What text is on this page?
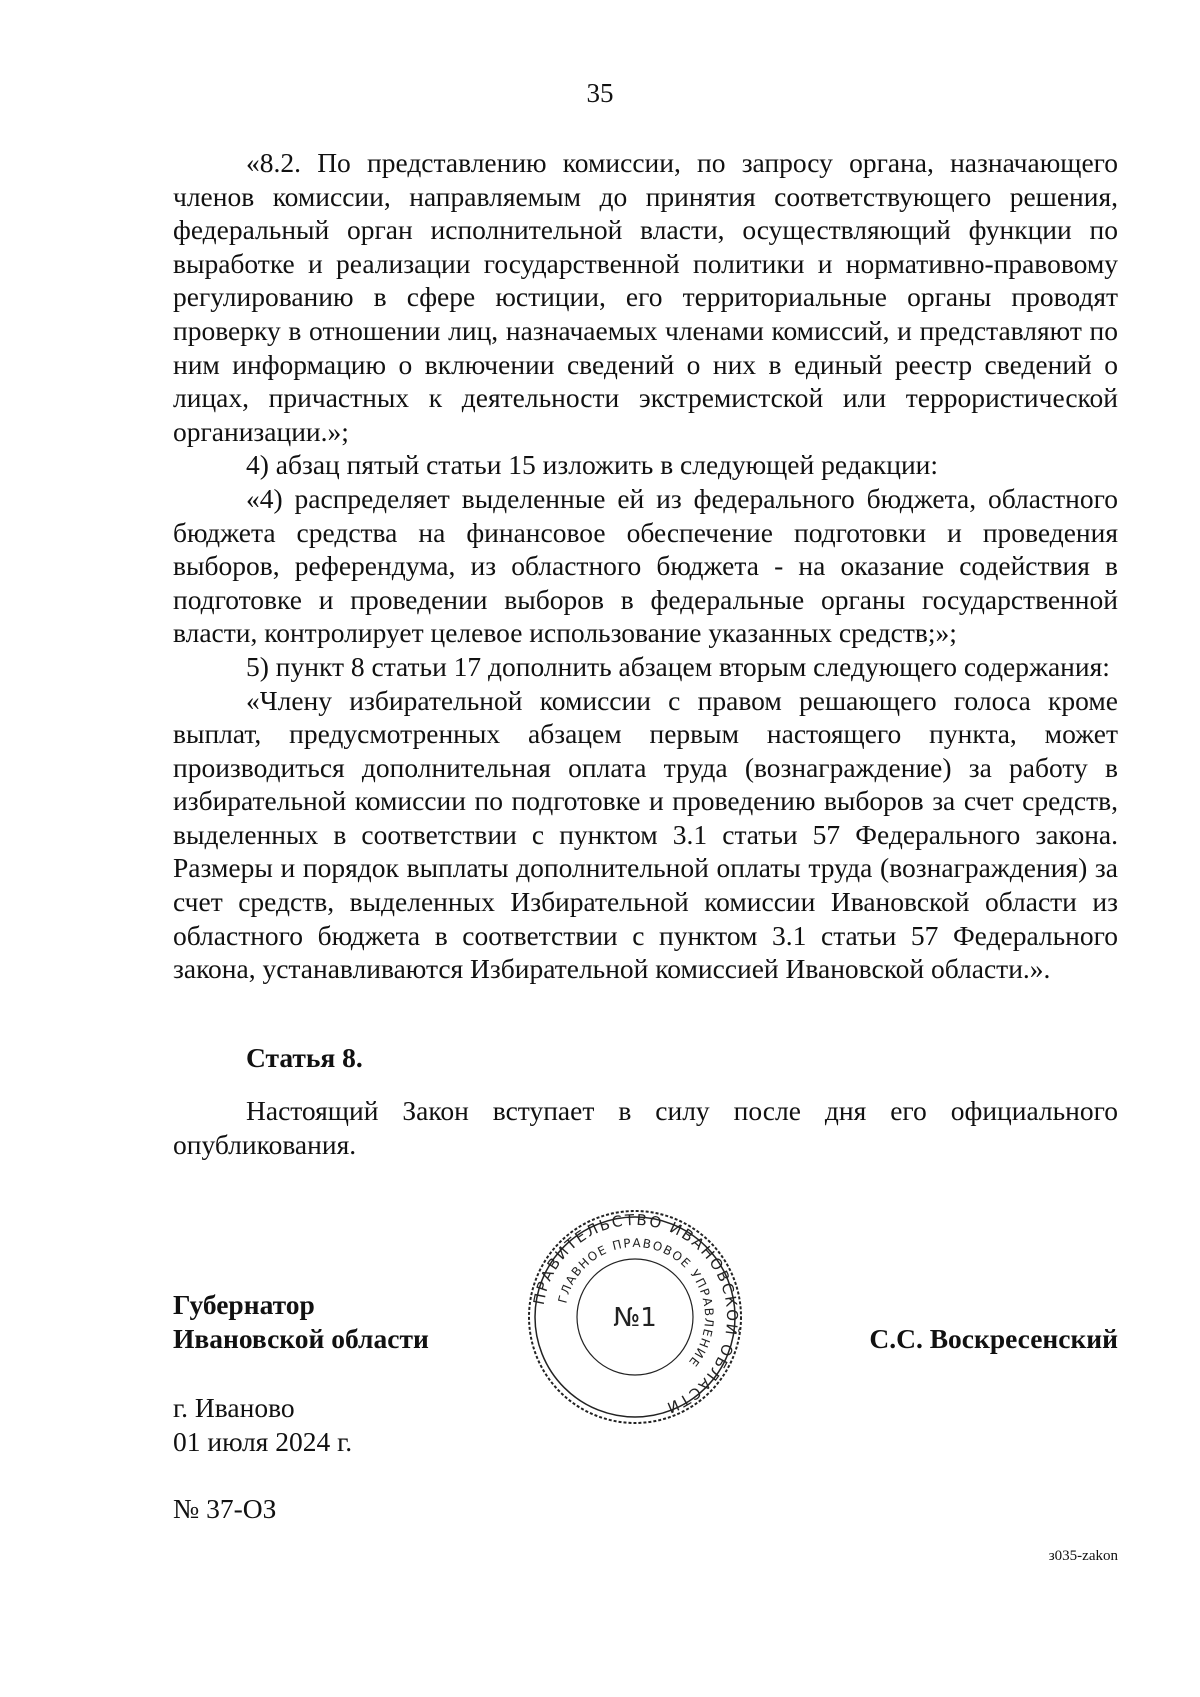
35

«8.2. По представлению комиссии, по запросу органа, назначающего членов комиссии, направляемым до принятия соответствующего решения, федеральный орган исполнительной власти, осуществляющий функции по выработке и реализации государственной политики и нормативно-правовому регулированию в сфере юстиции, его территориальные органы проводят проверку в отношении лиц, назначаемых членами комиссий, и представляют по ним информацию о включении сведений о них в единый реестр сведений о лицах, причастных к деятельности экстремистской или террористической организации.»;

4) абзац пятый статьи 15 изложить в следующей редакции:

«4) распределяет выделенные ей из федерального бюджета, областного бюджета средства на финансовое обеспечение подготовки и проведения выборов, референдума, из областного бюджета - на оказание содействия в подготовке и проведении выборов в федеральные органы государственной власти, контролирует целевое использование указанных средств;»;

5) пункт 8 статьи 17 дополнить абзацем вторым следующего содержания:

«Члену избирательной комиссии с правом решающего голоса кроме выплат, предусмотренных абзацем первым настоящего пункта, может производиться дополнительная оплата труда (вознаграждение) за работу в избирательной комиссии по подготовке и проведению выборов за счет средств, выделенных в соответствии с пунктом 3.1 статьи 57 Федерального закона. Размеры и порядок выплаты дополнительной оплаты труда (вознаграждения) за счет средств, выделенных Избирательной комиссии Ивановской области из областного бюджета в соответствии с пунктом 3.1 статьи 57 Федерального закона, устанавливаются Избирательной комиссией Ивановской области.».

Статья 8.
Настоящий Закон вступает в силу после дня его официального опубликования.
Губернатор
Ивановской области
ПРАВИТЕЛЬСТВО ИВАНОВСКОЙ ОБЛАСТИ
ГЛАВНОЕ ПРАВОВОЕ УПРАВЛЕНИЕ
№1
С.С. Воскресенский
г. Иваново
01 июля 2024 г.
№ 37-ОЗ
з035-zakon
